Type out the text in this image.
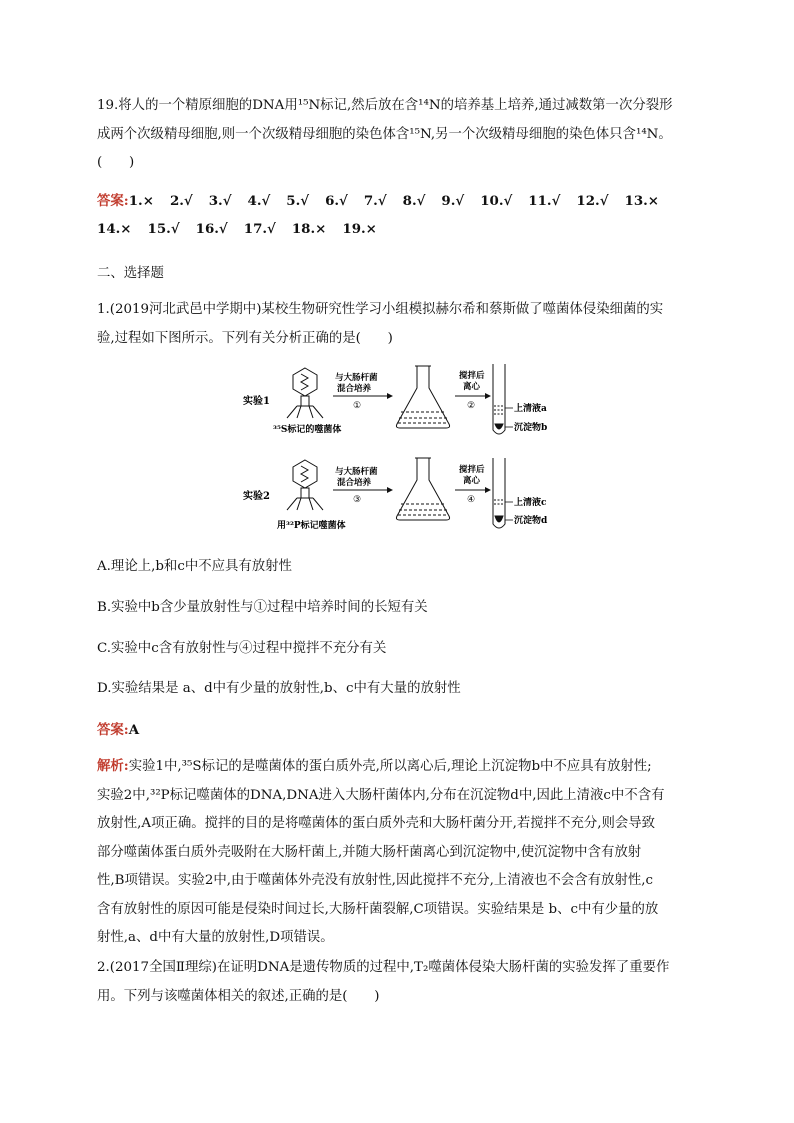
19.将人的一个精原细胞的DNA用¹⁵N标记,然后放在含¹⁴N的培养基上培养,通过减数第一次分裂形
成两个次级精母细胞,则一个次级精母细胞的染色体含¹⁵N,另一个次级精母细胞的染色体只含¹⁴N。
(　　)
答案:1.× 2.√ 3.√ 4.√ 5.√ 6.√ 7.√ 8.√ 9.√ 10.√ 11.√ 12.√ 13.×14.× 15.√ 16.√ 17.√ 18.× 19.×
二、选择题
1.(2019河北武邑中学期中)某校生物研究性学习小组模拟赫尔希和蔡斯做了噬菌体侵染细菌的实
验,过程如下图所示。下列有关分析正确的是(　　)
实验1
³⁵S标记的噬菌体
与大肠杆菌
混合培养
①
搅拌后
离心
②	上清液a
沉淀物b
实验2
用³²P标记噬菌体
与大肠杆菌
混合培养
③
搅拌后
离心
④	上清液c
沉淀物d
A.理论上,b和c中不应具有放射性
B.实验中b含少量放射性与①过程中培养时间的长短有关
C.实验中c含有放射性与④过程中搅拌不充分有关
D.实验结果是 a、d中有少量的放射性,b、c中有大量的放射性
答案:A
解析:实验1中,³⁵S标记的是噬菌体的蛋白质外壳,所以离心后,理论上沉淀物b中不应具有放射性;
实验2中,³²P标记噬菌体的DNA,DNA进入大肠杆菌体内,分布在沉淀物d中,因此上清液c中不含有
放射性,A项正确。搅拌的目的是将噬菌体的蛋白质外壳和大肠杆菌分开,若搅拌不充分,则会导致
部分噬菌体蛋白质外壳吸附在大肠杆菌上,并随大肠杆菌离心到沉淀物中,使沉淀物中含有放射
性,B项错误。实验2中,由于噬菌体外壳没有放射性,因此搅拌不充分,上清液也不会含有放射性,c
含有放射性的原因可能是侵染时间过长,大肠杆菌裂解,C项错误。实验结果是 b、c中有少量的放
射性,a、d中有大量的放射性,D项错误。
2.(2017全国Ⅱ理综)在证明DNA是遗传物质的过程中,T₂噬菌体侵染大肠杆菌的实验发挥了重要作
用。下列与该噬菌体相关的叙述,正确的是(　　)
